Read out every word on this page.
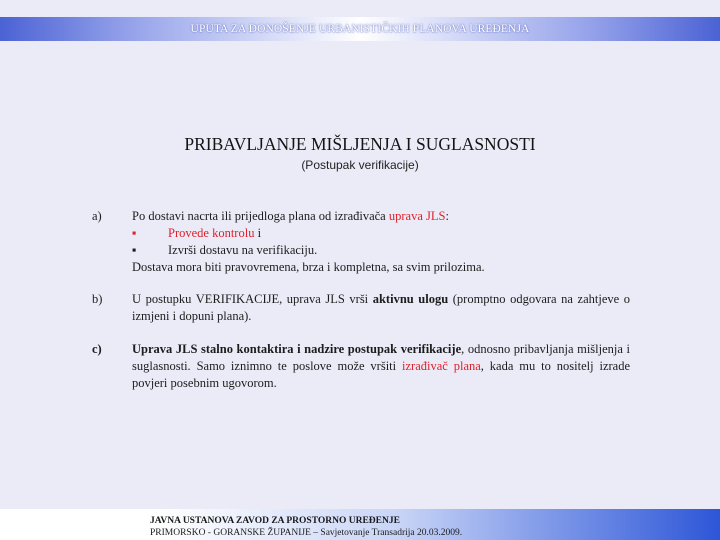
UPUTA ZA DONOŠENJE URBANISTIČKIH PLANOVA UREĐENJA
PRIBAVLJANJE MIŠLJENJA I SUGLASNOSTI
(Postupak verifikacije)
a)	Po dostavi nacrta ili prijedloga plana od izrađivača uprava JLS:
▪	Provede kontrolu i
▪	Izvrši dostavu na verifikaciju.
Dostava mora biti pravovremena, brza i kompletna, sa svim prilozima.
b)	U postupku VERIFIKACIJE, uprava JLS vrši aktivnu ulogu (promptno odgovara na zahtjeve o izmjeni i dopuni plana).
c)	Uprava JLS stalno kontaktira i nadzire postupak verifikacije, odnosno pribavljanja mišljenja i suglasnosti. Samo iznimno te poslove može vršiti izrađivač plana, kada mu to nositelj izrade povjeri posebnim ugovorom.
JAVNA USTANOVA ZAVOD ZA PROSTORNO UREĐENJE
PRIMORSKO - GORANSKE ŽUPANIJE – Savjetovanje Transadrija 20.03.2009.
